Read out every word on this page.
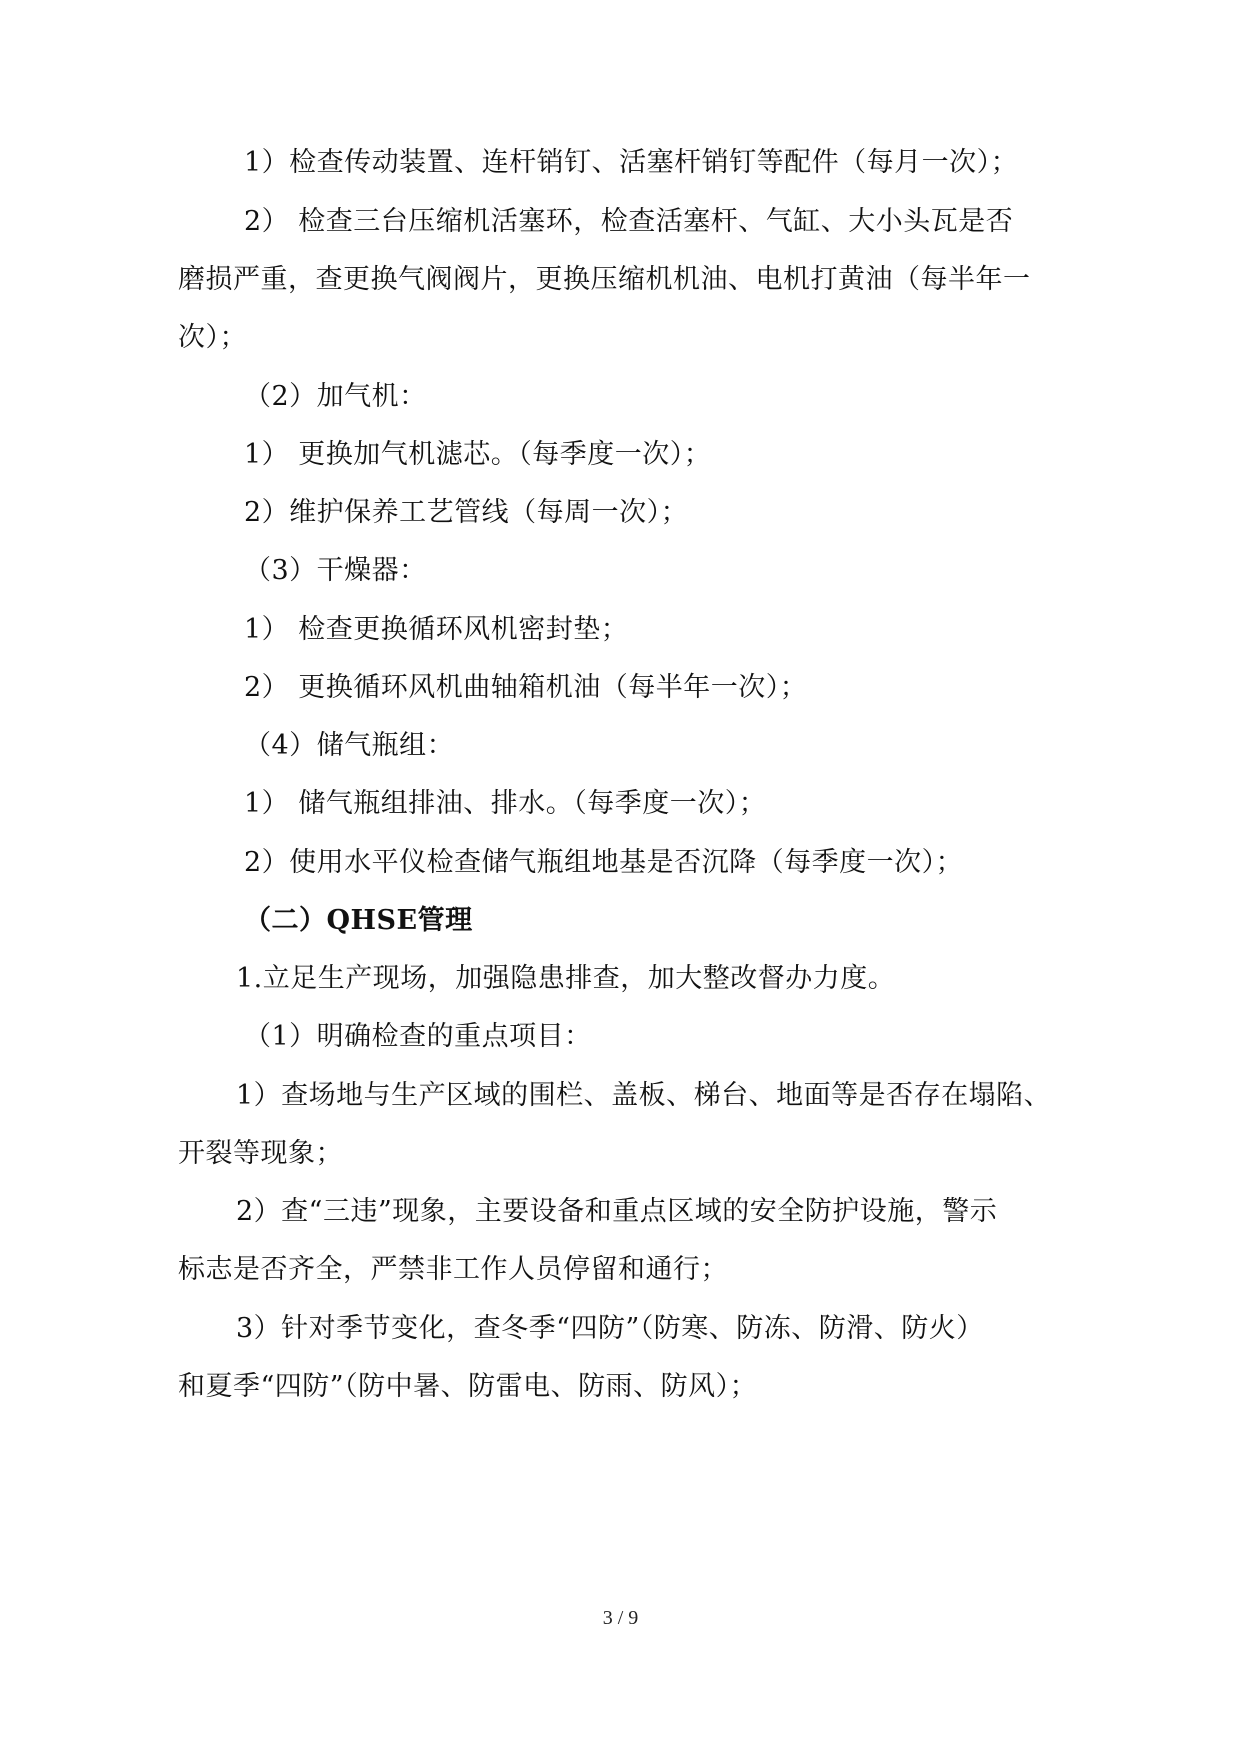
1）检查传动装置、连杆销钉、活塞杆销钉等配件（每月一次）；
2） 检查三台压缩机活塞环，检查活塞杆、气缸、大小头瓦是否
磨损严重，查更换气阀阀片，更换压缩机机油、电机打黄油（每半年一
次）；
（2）加气机：
1） 更换加气机滤芯。（每季度一次）；
2）维护保养工艺管线（每周一次）；
（3）干燥器：
1） 检查更换循环风机密封垫；
2） 更换循环风机曲轴箱机油（每半年一次）；
（4）储气瓶组：
1） 储气瓶组排油、排水。（每季度一次）；
2）使用水平仪检查储气瓶组地基是否沉降（每季度一次）；
（二）QHSE管理
1.立足生产现场，加强隐患排查，加大整改督办力度。
（1）明确检查的重点项目：
1）查场地与生产区域的围栏、盖板、梯台、地面等是否存在塌陷、
开裂等现象；
2）查“三违”现象，主要设备和重点区域的安全防护设施，警示
标志是否齐全，严禁非工作人员停留和通行；
3）针对季节变化，查冬季“四防”（防寒、防冻、防滑、防火）
和夏季“四防”（防中暑、防雷电、防雨、防风）；
3 / 9
